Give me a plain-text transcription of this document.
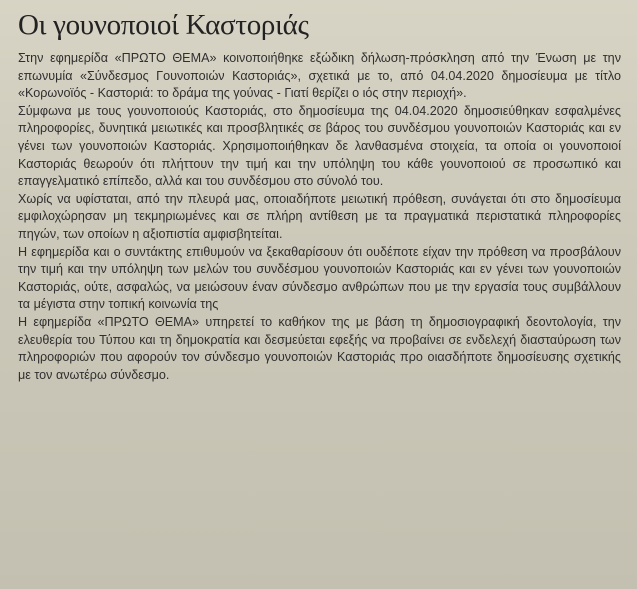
Οι γουνοποιοί Καστοριάς

Στην εφημερίδα «ΠΡΩΤΟ ΘΕΜΑ» κοινοποιήθηκε εξώδικη δήλωση-πρόσκληση από την Ένωση με την επωνυμία «Σύνδεσμος Γουνοποιών Καστοριάς», σχετικά με το, από 04.04.2020 δημοσίευμα με τίτλο «Κορωνοϊός - Καστοριά: το δράμα της γούνας - Γιατί θερίζει ο ιός στην περιοχή».

Σύμφωνα με τους γουνοποιούς Καστοριάς, στο δημοσίευμα της 04.04.2020 δημοσιεύθηκαν εσφαλμένες πληροφορίες, δυνητικά μειωτικές και προσβλητικές σε βάρος του συνδέσμου γουνοποιών Καστοριάς και εν γένει των γουνοποιών Καστοριάς. Χρησιμοποιήθηκαν δε λανθασμένα στοιχεία, τα οποία οι γουνοποιοί Καστοριάς θεωρούν ότι πλήττουν την τιμή και την υπόληψη του κάθε γουνοποιού σε προσωπικό και επαγγελματικό επίπεδο, αλλά και του συνδέσμου στο σύνολό του.

Χωρίς να υφίσταται, από την πλευρά μας, οποιαδήποτε μειωτική πρόθεση, συνάγεται ότι στο δημοσίευμα εμφιλοχώρησαν μη τεκμηριωμένες και σε πλήρη αντίθεση με τα πραγματικά περιστατικά πληροφορίες πηγών, των οποίων η αξιοπιστία αμφισβητείται.

Η εφημερίδα και ο συντάκτης επιθυμούν να ξεκαθαρίσουν ότι ουδέποτε είχαν την πρόθεση να προσβάλουν την τιμή και την υπόληψη των μελών του συνδέσμου γουνοποιών Καστοριάς και εν γένει των γουνοποιών Καστοριάς, ούτε, ασφαλώς, να μειώσουν έναν σύνδεσμο ανθρώπων που με την εργασία τους συμβάλλουν τα μέγιστα στην τοπική κοινωνία της

Η εφημερίδα «ΠΡΩΤΟ ΘΕΜΑ» υπηρετεί το καθήκον της με βάση τη δημοσιογραφική δεοντολογία, την ελευθερία του Τύπου και τη δημοκρατία και δεσμεύεται εφεξής να προβαίνει σε ενδελεχή διασταύρωση των πληροφοριών που αφορούν τον σύνδεσμο γουνοποιών Καστοριάς προ οιασδήποτε δημοσίευσης σχετικής με τον ανωτέρω σύνδεσμο.
